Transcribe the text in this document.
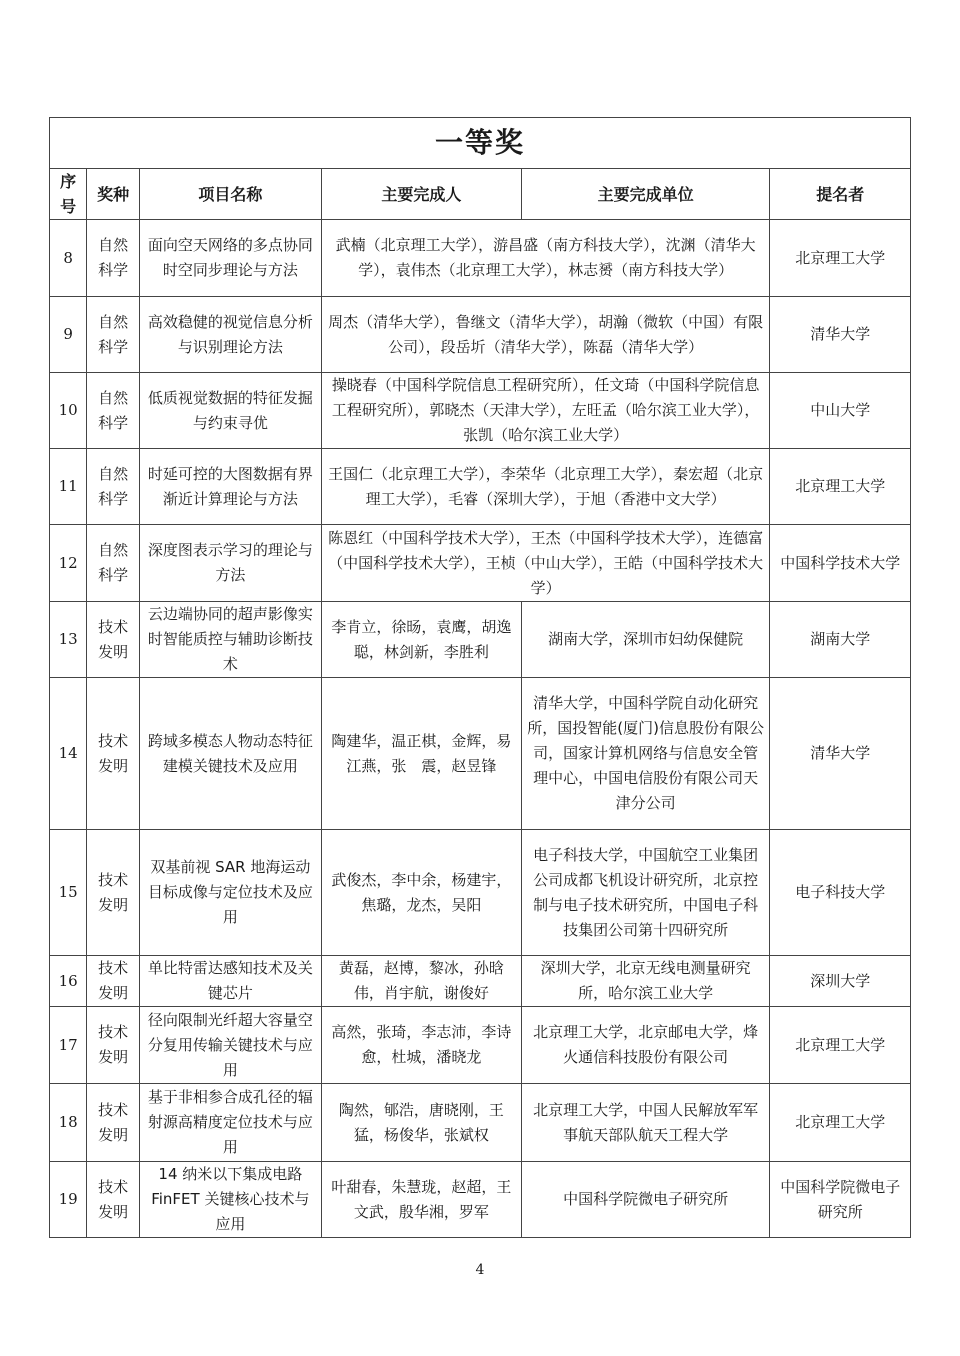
一等奖					
序号	奖种	项目名称	主要完成人	主要完成单位	提名者
8	自然科学	面向空天网络的多点协同时空同步理论与方法	武楠（北京理工大学），游昌盛（南方科技大学），沈渊（清华大学），袁伟杰（北京理工大学），林志赟（南方科技大学）		北京理工大学
9	自然科学	高效稳健的视觉信息分析与识别理论方法	周杰（清华大学），鲁继文（清华大学），胡瀚（微软（中国）有限公司），段岳圻（清华大学），陈磊（清华大学）		清华大学
10	自然科学	低质视觉数据的特征发掘与约束寻优	操晓春（中国科学院信息工程研究所），任文琦（中国科学院信息工程研究所），郭晓杰（天津大学），左旺孟（哈尔滨工业大学），张凯（哈尔滨工业大学）		中山大学
11	自然科学	时延可控的大图数据有界渐近计算理论与方法	王国仁（北京理工大学），李荣华（北京理工大学），秦宏超（北京理工大学），毛睿（深圳大学），于旭（香港中文大学）		北京理工大学
12	自然科学	深度图表示学习的理论与方法	陈恩红（中国科学技术大学），王杰（中国科学技术大学），连德富（中国科学技术大学），王桢（中山大学），王皓（中国科学技术大学）		中国科学技术大学
13	技术发明	云边端协同的超声影像实时智能质控与辅助诊断技术	李肯立，徐旸，袁鹰，胡逸聪，林剑新，李胜利	湖南大学，深圳市妇幼保健院	湖南大学
14	技术发明	跨域多模态人物动态特征建模关键技术及应用	陶建华，温正棋，金辉，易江燕，张　震，赵昱锋	清华大学，中国科学院自动化研究所，国投智能(厦门)信息股份有限公司，国家计算机网络与信息安全管理中心，中国电信股份有限公司天津分公司	清华大学
15	技术发明	双基前视 SAR 地海运动目标成像与定位技术及应用	武俊杰，李中余，杨建宇，焦璐，龙杰，吴阳	电子科技大学，中国航空工业集团公司成都飞机设计研究所，北京控制与电子技术研究所，中国电子科技集团公司第十四研究所	电子科技大学
16	技术发明	单比特雷达感知技术及关键芯片	黄磊，赵博，黎冰，孙晗伟，肖宇航，谢俊好	深圳大学，北京无线电测量研究所，哈尔滨工业大学	深圳大学
17	技术发明	径向限制光纤超大容量空分复用传输关键技术与应用	高然，张琦，李志沛，李诗愈，杜城，潘晓龙	北京理工大学，北京邮电大学，烽火通信科技股份有限公司	北京理工大学
18	技术发明	基于非相参合成孔径的辐射源高精度定位技术与应用	陶然，郇浩，唐晓刚，王猛，杨俊华，张斌权	北京理工大学，中国人民解放军军事航天部队航天工程大学	北京理工大学
19	技术发明	14 纳米以下集成电路 FinFET 关键核心技术与应用	叶甜春，朱慧珑，赵超，王文武，殷华湘，罗军	中国科学院微电子研究所	中国科学院微电子研究所
4
